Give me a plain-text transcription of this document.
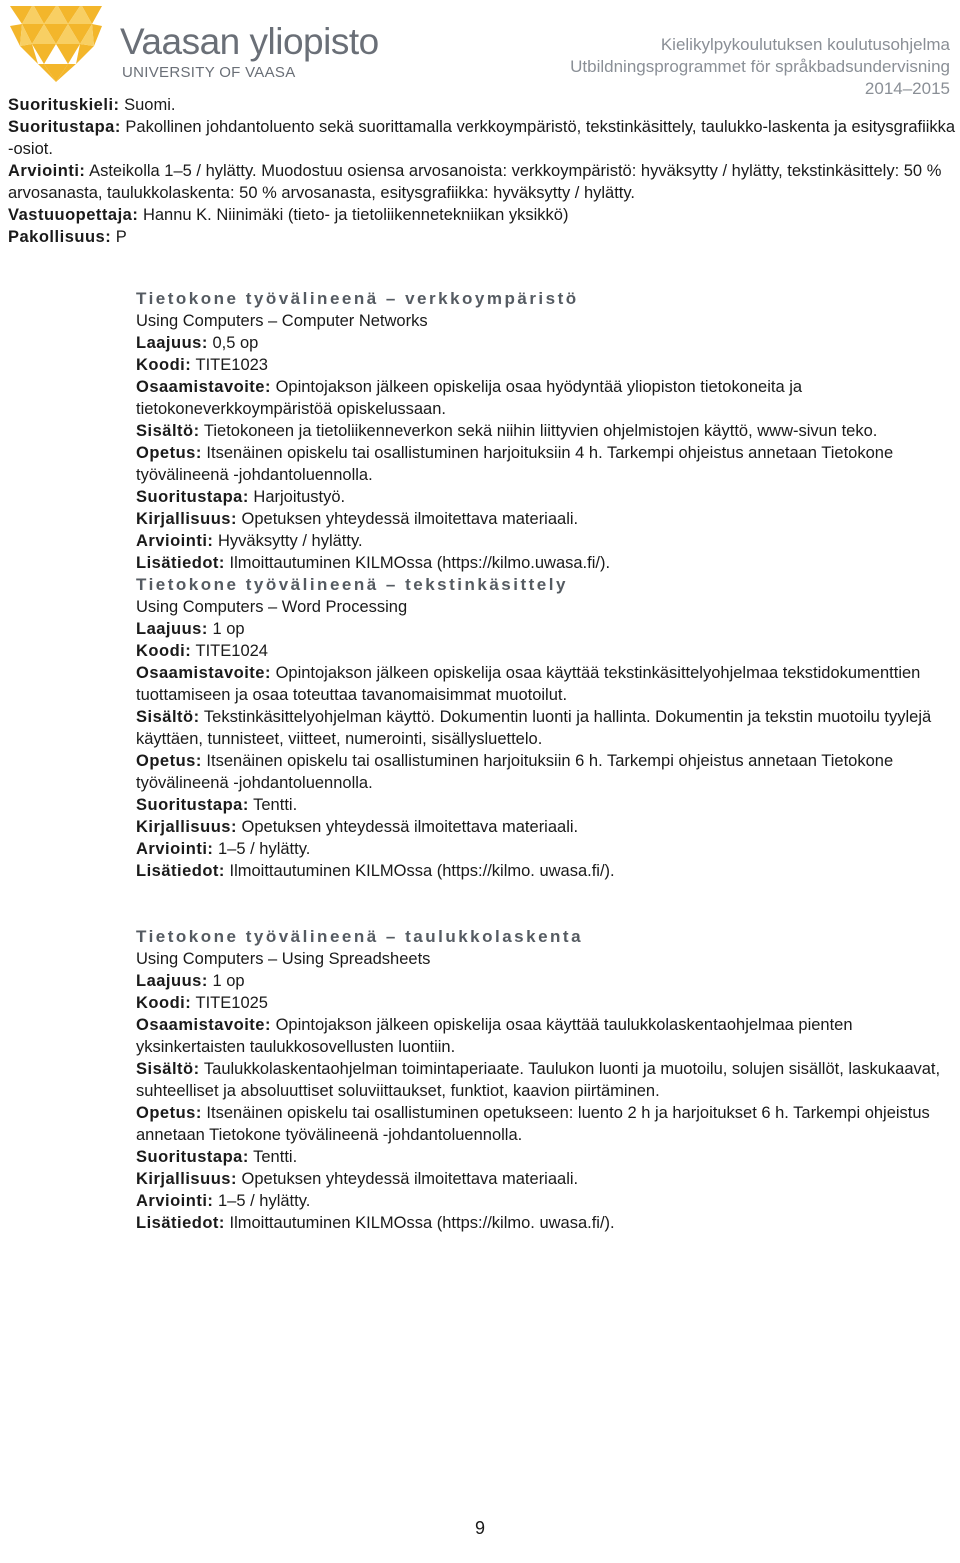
Vaasan yliopisto
UNIVERSITY OF VAASA
Kielikylpykoulutuksen koulutusohjelma
Utbildningsprogrammet för språkbadsundervisning
2014–2015

Suorituskieli: Suomi.

Suoritustapa: Pakollinen johdantoluento sekä suorittamalla verkkoympäristö, tekstinkäsittely, taulukko-laskenta ja esitysgrafiikka -osiot.

Arviointi: Asteikolla 1–5 / hylätty. Muodostuu osiensa arvosanoista: verkkoympäristö: hyväksytty / hylätty, tekstinkäsittely: 50 % arvosanasta, taulukkolaskenta: 50 % arvosanasta, esitysgrafiikka: hyväksytty / hylätty.

Vastuuopettaja: Hannu K. Niinimäki (tieto- ja tietoliikennetekniikan yksikkö)

Pakollisuus: P

Tietokone työvälineenä – verkkoympäristö

Using Computers – Computer Networks

Laajuus: 0,5 op

Koodi: TITE1023

Osaamistavoite: Opintojakson jälkeen opiskelija osaa hyödyntää yliopiston tietokoneita ja tietokoneverkkoympäristöä opiskelussaan.

Sisältö: Tietokoneen ja tietoliikenneverkon sekä niihin liittyvien ohjelmistojen käyttö, www-sivun teko.

Opetus: Itsenäinen opiskelu tai osallistuminen harjoituksiin 4 h. Tarkempi ohjeistus annetaan Tietokone työvälineenä -johdantoluennolla.

Suoritustapa: Harjoitustyö.

Kirjallisuus: Opetuksen yhteydessä ilmoitettava materiaali.

Arviointi: Hyväksytty / hylätty.

Lisätiedot: Ilmoittautuminen KILMOssa (https://kilmo.uwasa.fi/).

Tietokone työvälineenä – tekstinkäsittely

Using Computers – Word Processing

Laajuus: 1 op

Koodi: TITE1024

Osaamistavoite: Opintojakson jälkeen opiskelija osaa käyttää tekstinkäsittelyohjelmaa tekstidokumenttien tuottamiseen ja osaa toteuttaa tavanomaisimmat muotoilut.

Sisältö: Tekstinkäsittelyohjelman käyttö. Dokumentin luonti ja hallinta. Dokumentin ja tekstin muotoilu tyylejä käyttäen, tunnisteet, viitteet, numerointi, sisällysluettelo.

Opetus: Itsenäinen opiskelu tai osallistuminen harjoituksiin 6 h. Tarkempi ohjeistus annetaan Tietokone työvälineenä -johdantoluennolla.

Suoritustapa: Tentti.

Kirjallisuus: Opetuksen yhteydessä ilmoitettava materiaali.

Arviointi: 1–5 / hylätty.

Lisätiedot: Ilmoittautuminen KILMOssa (https://kilmo. uwasa.fi/).

Tietokone työvälineenä – taulukkolaskenta

Using Computers – Using Spreadsheets

Laajuus: 1 op

Koodi: TITE1025

Osaamistavoite: Opintojakson jälkeen opiskelija osaa käyttää taulukkolaskentaohjelmaa pienten yksinkertaisten taulukkosovellusten luontiin.

Sisältö: Taulukkolaskentaohjelman toimintaperiaate. Taulukon luonti ja muotoilu, solujen sisällöt, laskukaavat, suhteelliset ja absoluuttiset soluviittaukset, funktiot, kaavion piirtäminen.

Opetus: Itsenäinen opiskelu tai osallistuminen opetukseen: luento 2 h ja harjoitukset 6 h. Tarkempi ohjeistus annetaan Tietokone työvälineenä -johdantoluennolla.

Suoritustapa: Tentti.

Kirjallisuus: Opetuksen yhteydessä ilmoitettava materiaali.

Arviointi: 1–5 / hylätty.

Lisätiedot: Ilmoittautuminen KILMOssa (https://kilmo. uwasa.fi/).

9
